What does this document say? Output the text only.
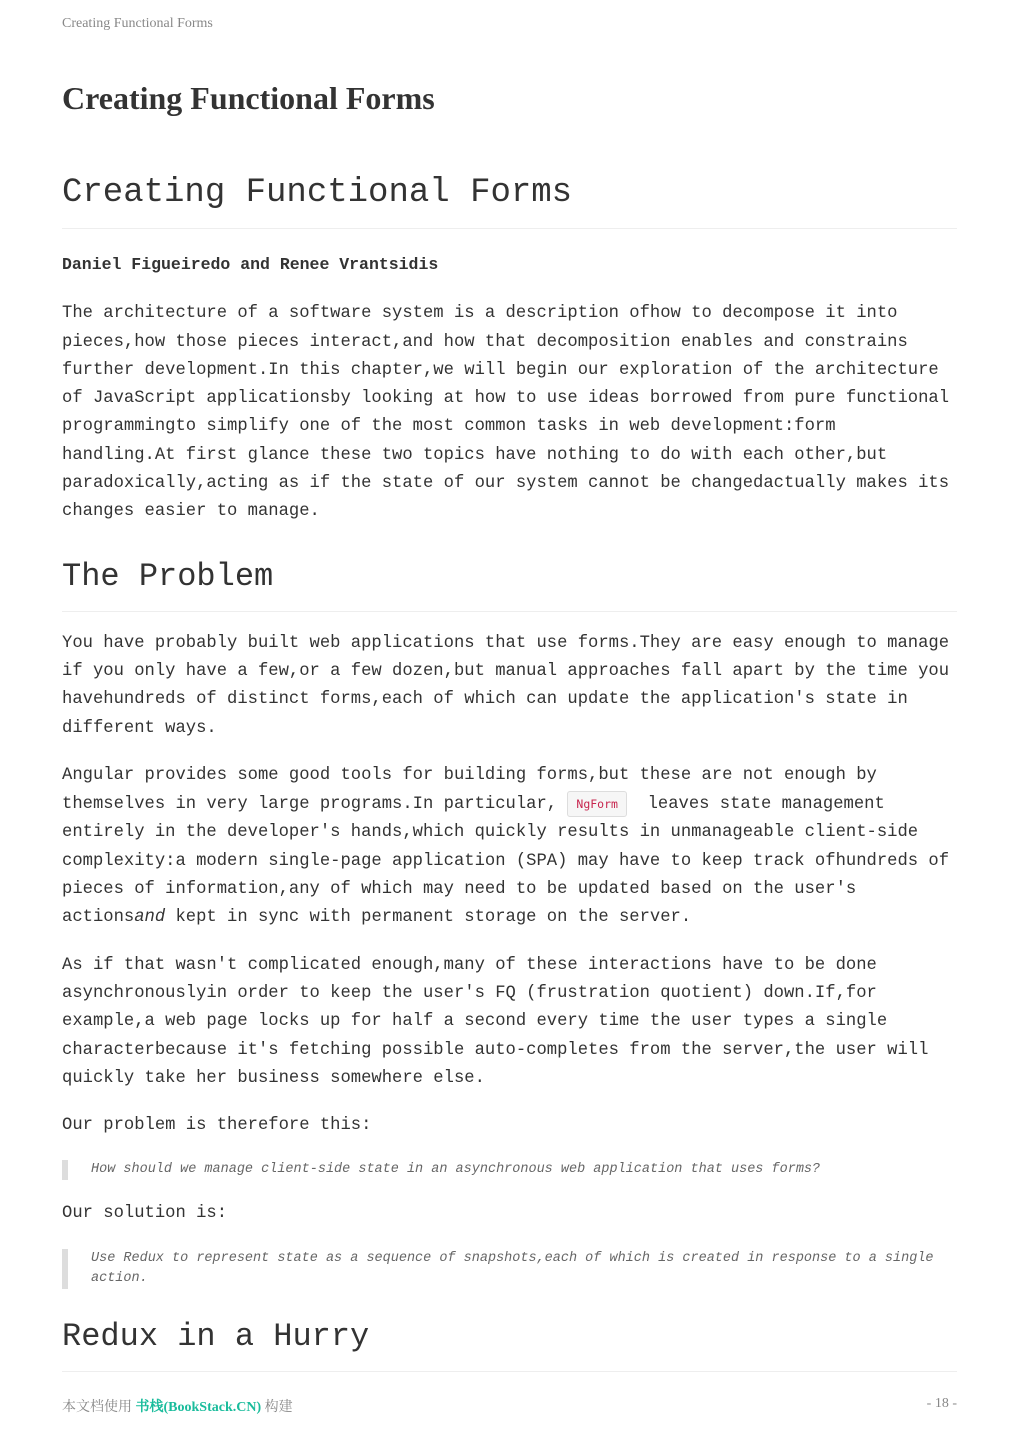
Creating Functional Forms
Creating Functional Forms
Creating Functional Forms

Daniel Figueiredo and Renee Vrantsidis

The architecture of a software system is a description ofhow to decompose it into pieces,how those pieces interact,and how that decomposition enables and constrains further development.In this chapter,we will begin our exploration of the architecture of JavaScript applicationsby looking at how to use ideas borrowed from pure functional programmingto simplify one of the most common tasks in web development:form handling.At first glance these two topics have nothing to do with each other,but paradoxically,acting as if the state of our system cannot be changedactually makes its changes easier to manage.

The Problem

You have probably built web applications that use forms.They are easy enough to manage if you only have a few,or a few dozen,but manual approaches fall apart by the time you havehundreds of distinct forms,each of which can update the application's state in different ways.

Angular provides some good tools for building forms,but these are not enough by themselves in very large programs.In particular, NgForm  leaves state management entirely in the developer's hands,which quickly results in unmanageable client-side complexity:a modern single-page application (SPA) may have to keep track ofhundreds of pieces of information,any of which may need to be updated based on the user's actionsand kept in sync with permanent storage on the server.

As if that wasn't complicated enough,many of these interactions have to be done asynchronouslyin order to keep the user's FQ (frustration quotient) down.If,for example,a web page locks up for half a second every time the user types a single characterbecause it's fetching possible auto-completes from the server,the user will quickly take her business somewhere else.

Our problem is therefore this:

How should we manage client-side state in an asynchronous web application that uses forms?

Our solution is:

Use Redux to represent state as a sequence of snapshots,each of which is created in response to a single action.
Redux in a Hurry
本文档使用 书栈(BookStack.CN) 构建	- 18 -
